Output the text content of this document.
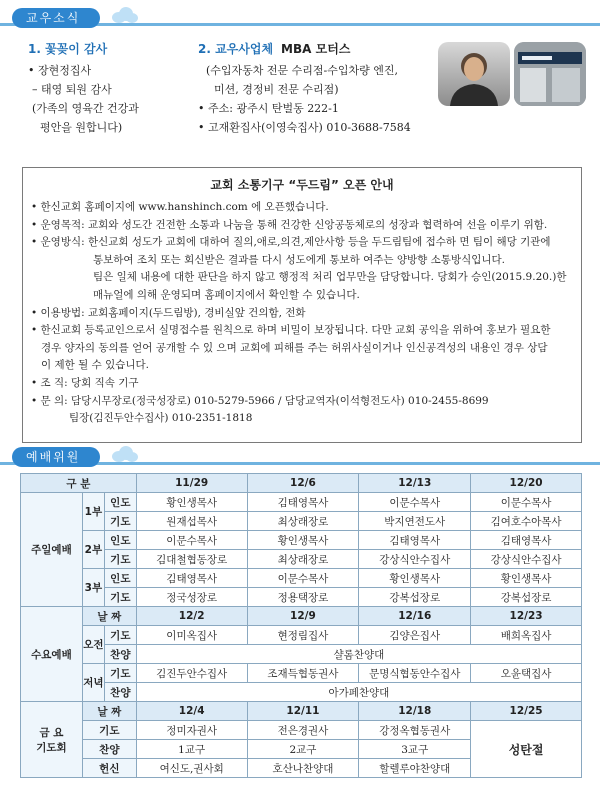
교우소식
1. 꽃꽂이 감사
• 장현정집사
– 태영 퇴원 감사
(가족의 영육간 건강과
평안을 원합니다)
2. 교우사업체 MBA 모터스
(수입자동차 전문 수리점-수입차량 엔진,
미션, 경정비 전문 수리점)
• 주소: 광주시 탄벌동 222-1
• 고재환집사(이영숙집사) 010-3688-7584
교회 소통기구 “두드림” 오픈 안내
• 한신교회 홈페이지에 www.hanshinch.com 에 오픈했습니다.
• 운영목적: 교회와 성도간 건전한 소통과 나눔을 통해 건강한 신앙공동체로의 성장과 협력하여 선을 이루기 위함.
• 운영방식: 한신교회 성도가 교회에 대하여 질의,애로,의견,제안사항 등을 두드림팀에 접수하 면 팀이 해당 기관에
통보하여 조치 또는 회신받은 결과를 다시 성도에게 통보하 여주는 양방향 소통방식입니다.
팀은 일체 내용에 대한 판단을 하지 않고 행정적 처리 업무만을 담당합니다. 당회가 승인(2015.9.20.)한
매뉴얼에 의해 운영되며 홈페이지에서 확인할 수 있습니다.
• 이용방법: 교회홈페이지(두드림방), 경비실앞 건의함, 전화
• 한신교회 등록교인으로서 실명접수를 원칙으로 하며 비밀이 보장됩니다. 다만 교회 공익을 위하여 홍보가 필요한
경우 양자의 동의를 얻어 공개할 수 있 으며 교회에 피해를 주는 허위사실이거나 인신공격성의 내용인 경우 상담
이 제한 될 수 있습니다.
• 조 직: 당회 직속 기구
• 문 의: 담당시무장로(정국성장로) 010-5279-5966 / 담당교역자(이석형전도사) 010-2455-8699
팀장(김진두안수집사) 010-2351-1818
예배위원
구 분			11/29	12/6	12/13	12/20
주일예배	1부	인도	황인생목사	김태영목사	이문수목사	이문수목사
		기도	원재섭목사	최상래장로	박지연전도사	김여호수아목사
	2부	인도	이문수목사	황인생목사	김태영목사	김태영목사
		기도	김대철협동장로	최상래장로	강상식안수집사	강상식안수집사
	3부	인도	김태영목사	이문수목사	황인생목사	황인생목사
		기도	정국성장로	정용택장로	강복섭장로	강복섭장로
수요예배	날 짜		12/2	12/9	12/16	12/23
	오전	기도	이미옥집사	현정림집사	김양은집사	배희옥집사
		찬양	샬롬찬양대			
	저녁	기도	김진두안수집사	조재득협동권사	문명식협동안수집사	오윤택집사
		찬양	아가페찬양대			

금 요
기도회	날 짜		12/4	12/11	12/18	12/25
	기도		정미자권사	전은경권사	강정옥협동권사	성탄절
	찬양		1교구	2교구	3교구	
	헌신		여신도,권사회	호산나찬양대	할렐루야찬양대	
